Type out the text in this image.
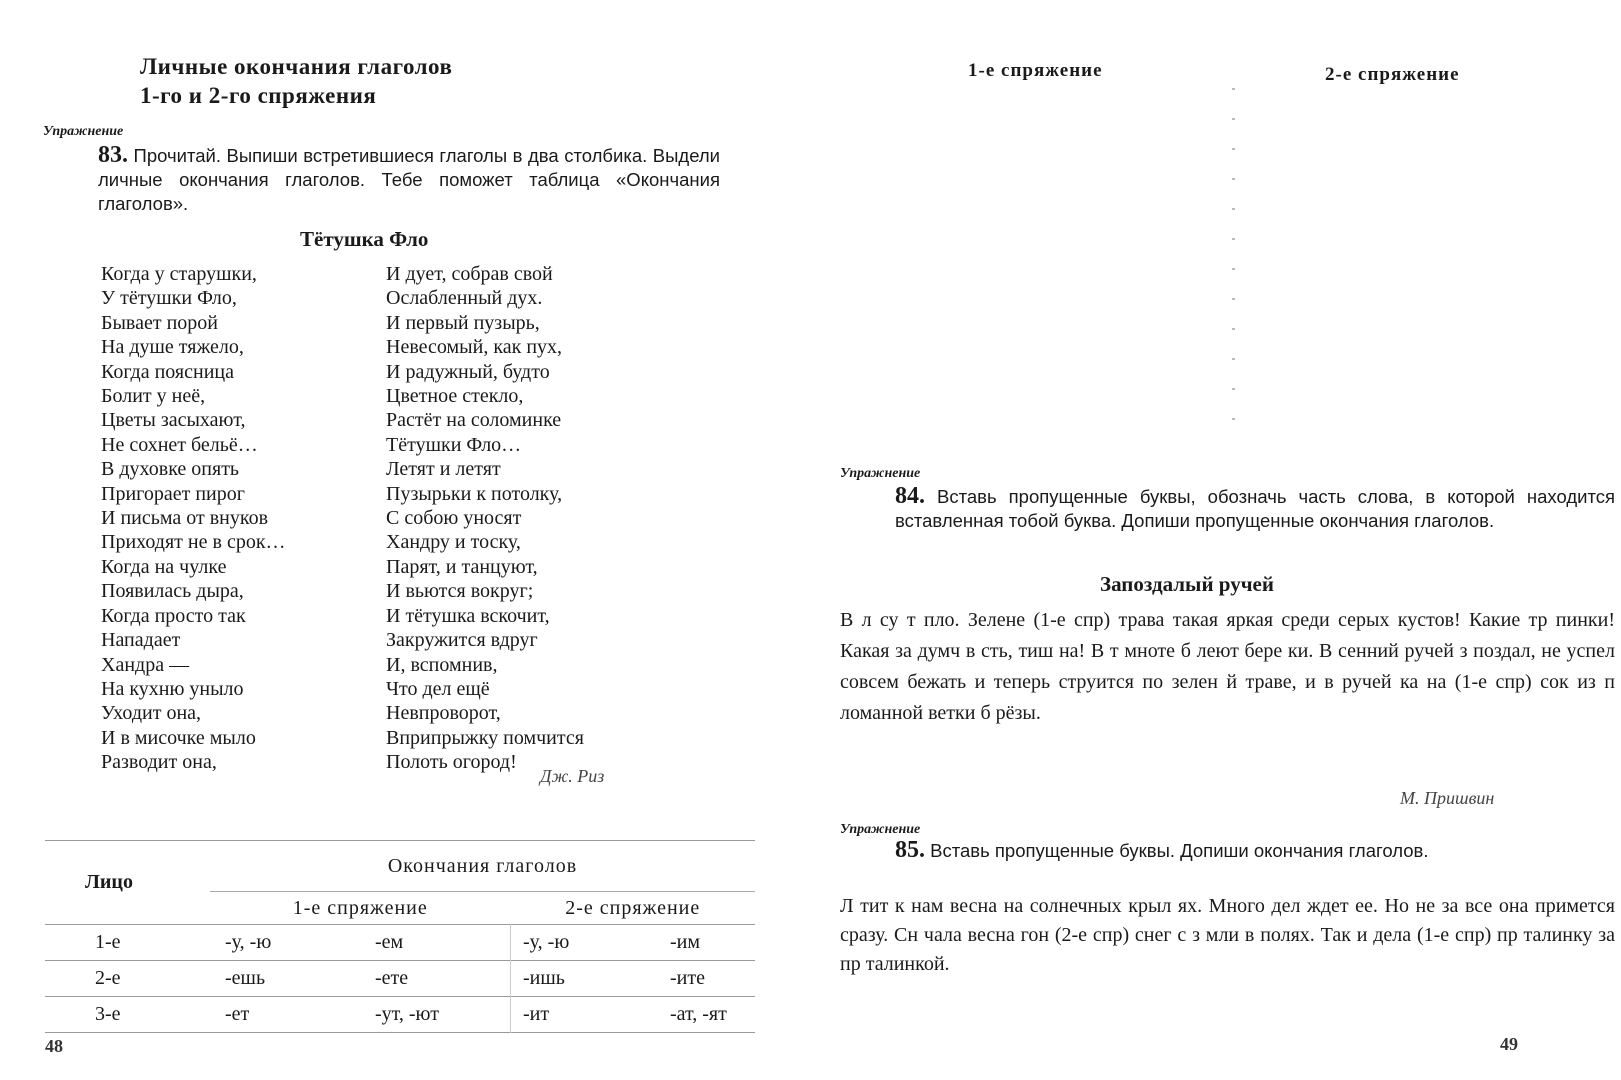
Личные окончания глаголов
1-го и 2-го спряжения
Упражнение
83. Прочитай. Выпиши встретившиеся глаголы в два столбика. Выдели личные окончания глаголов. Тебе поможет таблица «Окончания глаголов».
Тётушка Фло
Когда у старушки,
У тётушки Фло,
Бывает порой
На душе тяжело,
Когда поясница
Болит у неё,
Цветы засыхают,
Не сохнет бельё…
В духовке опять
Пригорает пирог
И письма от внуков
Приходят не в срок…
Когда на чулке
Появилась дыра,
Когда просто так
Нападает
Хандра —
На кухню уныло
Уходит она,
И в мисочке мыло
Разводит она,
И дует, собрав свой
Ослабленный дух.
И первый пузырь,
Невесомый, как пух,
И радужный, будто
Цветное стекло,
Растёт на соломинке
Тётушки Фло…
Летят и летят
Пузырьки к потолку,
С собою уносят
Хандру и тоску,
Парят, и танцуют,
И вьются вокруг;
И тётушка вскочит,
Закружится вдруг
И, вспомнив,
Что дел ещё
Невпроворот,
Вприпрыжку помчится
Полоть огород!
Дж. Риз
Лицо	Окончания глаголов			
	1-е спряжение		2-е спряжение	
1-е	-у, -ю	-ем	-у, -ю	-им
2-е	-ешь	-ете	-ишь	-ите
3-е	-ет	-ут, -ют	-ит	-ат, -ят
48
1-е спряжение	2-е спряжение
Упражнение
84. Вставь пропущенные буквы, обозначь часть слова, в которой находится вставленная тобой буква. Допиши пропущенные окончания глаголов.
Запоздалый ручей
В л су т пло. Зелене (1-е спр) трава такая яркая среди серых кустов! Какие тр пинки! Какая за думч в сть, тиш на! В т мноте б леют бере ки. В сенний ручей з поздал, не успел совсем бежать и теперь струится по зелен й траве, и в ручей ка на (1-е спр) сок из п ломанной ветки б рёзы.
М. Пришвин
Упражнение
85. Вставь пропущенные буквы. Допиши окончания глаголов.
Л тит к нам весна на солнечных крыл ях. Много дел ждет ее. Но не за все она примется сразу. Сн чала весна гон (2-е спр) снег с з мли в полях. Так и дела (1-е спр) пр талинку за пр талинкой.
49
